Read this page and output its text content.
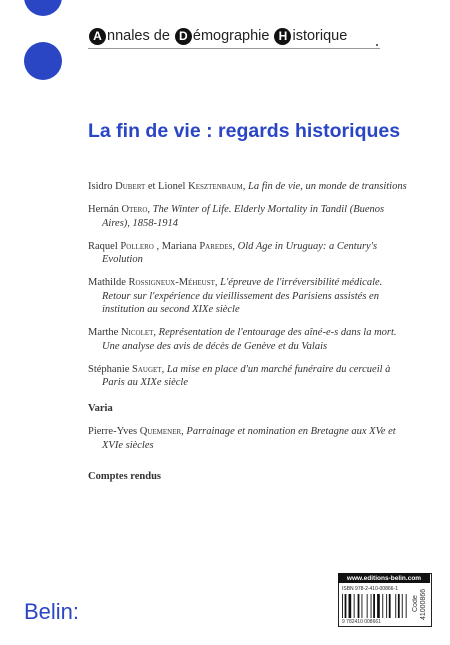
A nnales de D émographie H istorique
La fin de vie : regards historiques
Isidro Dubert et Lionel Kesztenbaum, La fin de vie, un monde de transitions
Hernán Otero, The Winter of Life. Elderly Mortality in Tandil (Buenos Aires), 1858-1914
Raquel Pollero , Mariana Paredes, Old Age in Uruguay: a Century's Evolution
Mathilde Rossigneux-Méheust, L'épreuve de l'irréversibilité médicale. Retour sur l'expérience du vieillissement des Parisiens assistés en institution au second XIXe siècle
Marthe Nicolet, Représentation de l'entourage des aîné-e-s dans la mort. Une analyse des avis de décès de Genève et du Valais
Stéphanie Sauget, La mise en place d'un marché funéraire du cercueil à Paris au XIXe siècle
Varia
Pierre-Yves Quemener, Parrainage et nomination en Bretagne aux XVe et XVIe siècles
Comptes rendus
Belin:
www.editions-belin.com
ISBN 978-2-410-00866-1
9 782410 008661
Code
41000866
